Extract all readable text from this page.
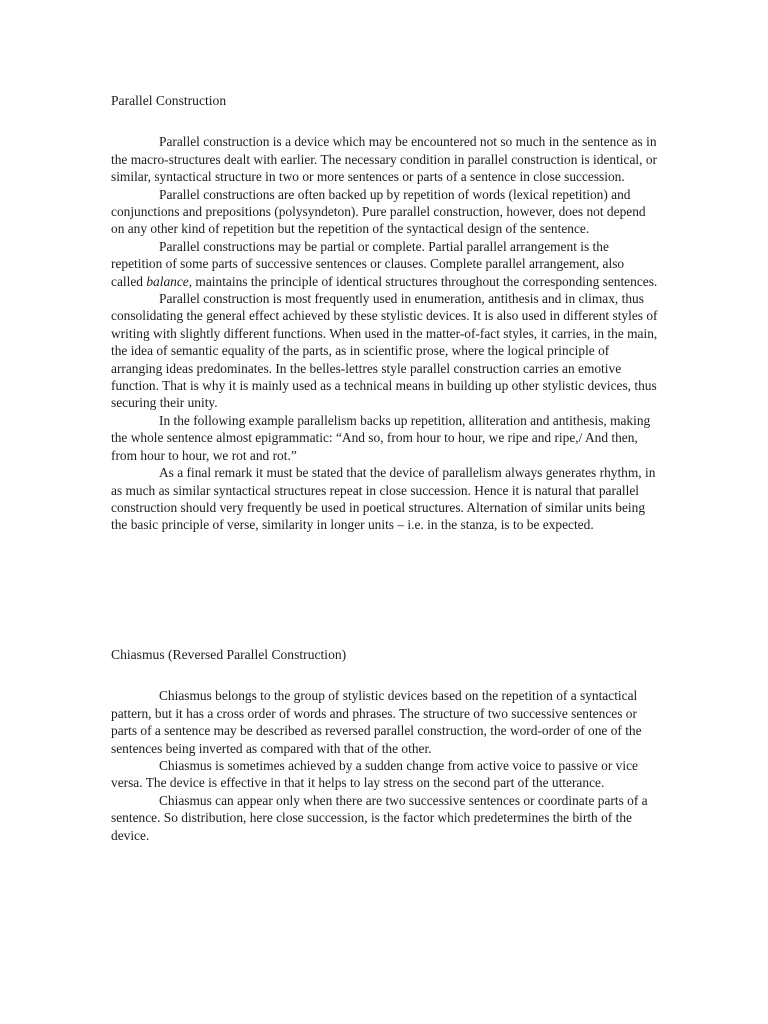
Parallel Construction

Parallel construction is a device which may be encountered not so much in the sentence as in the macro-structures dealt with earlier. The necessary condition in parallel construction is identical, or similar, syntactical structure in two or more sentences or parts of a sentence in close succession.

Parallel constructions are often backed up by repetition of words (lexical repetition) and conjunctions and prepositions (polysyndeton). Pure parallel construction, however, does not depend on any other kind of repetition but the repetition of the syntactical design of the sentence.

Parallel constructions may be partial or complete. Partial parallel arrangement is the repetition of some parts of successive sentences or clauses. Complete parallel arrangement, also called balance, maintains the principle of identical structures throughout the corresponding sentences.

Parallel construction is most frequently used in enumeration, antithesis and in climax, thus consolidating the general effect achieved by these stylistic devices. It is also used in different styles of writing with slightly different functions. When used in the matter-of-fact styles, it carries, in the main, the idea of semantic equality of the parts, as in scientific prose, where the logical principle of arranging ideas predominates. In the belles-lettres style parallel construction carries an emotive function. That is why it is mainly used as a technical means in building up other stylistic devices, thus securing their unity.

In the following example parallelism backs up repetition, alliteration and antithesis, making the whole sentence almost epigrammatic: “And so, from hour to hour, we ripe and ripe,/ And then, from hour to hour, we rot and rot.”

As a final remark it must be stated that the device of parallelism always generates rhythm, in as much as similar syntactical structures repeat in close succession. Hence it is natural that parallel construction should very frequently be used in poetical structures. Alternation of similar units being the basic principle of verse, similarity in longer units – i.e. in the stanza, is to be expected.

Chiasmus (Reversed Parallel Construction)

Chiasmus belongs to the group of stylistic devices based on the repetition of a syntactical pattern, but it has a cross order of words and phrases. The structure of two successive sentences or parts of a sentence may be described as reversed parallel construction, the word-order of one of the sentences being inverted as compared with that of the other.

Chiasmus is sometimes achieved by a sudden change from active voice to passive or vice versa. The device is effective in that it helps to lay stress on the second part of the utterance.

Chiasmus can appear only when there are two successive sentences or coordinate parts of a sentence. So distribution, here close succession, is the factor which predetermines the birth of the device.
